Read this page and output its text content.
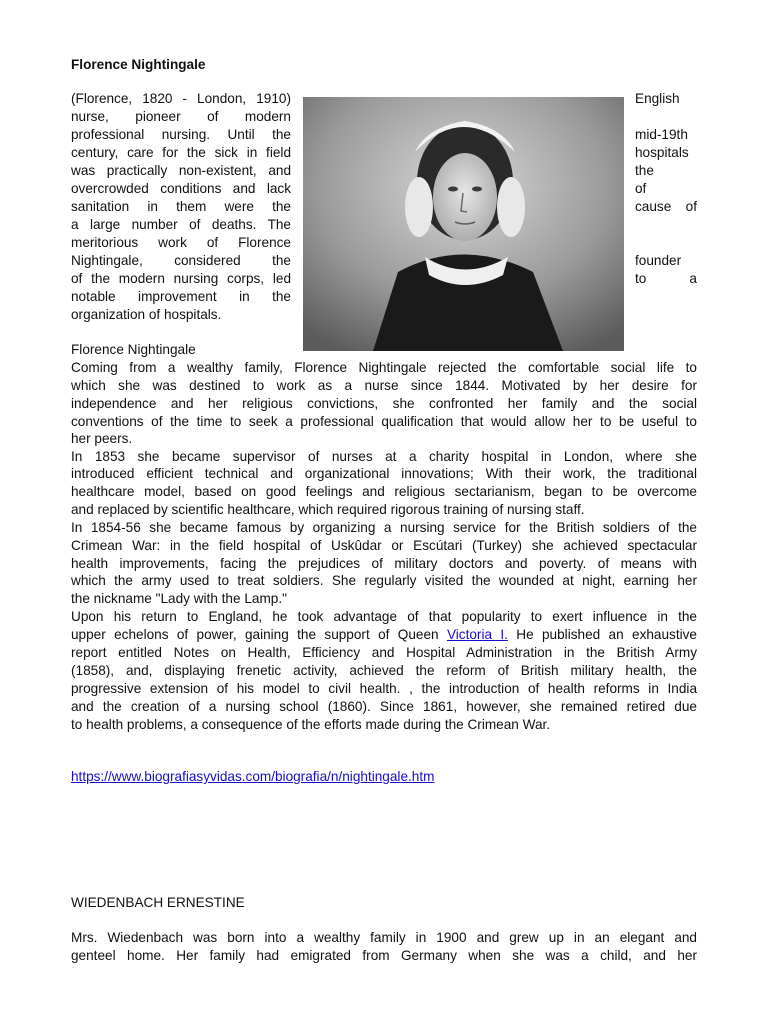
Florence Nightingale
(Florence, 1820 - London, 1910)
nurse, pioneer of modern
professional nursing. Until the
century, care for the sick in field
was practically non-existent, and
overcrowded conditions and lack
sanitation in them were the
a large number of deaths. The
meritorious work of Florence
Nightingale, considered the
of the modern nursing corps, led
notable improvement in the
organization of hospitals.
English
mid-19th
hospitals
the
of
cause of
founder
to a
Florence Nightingale
Coming from a wealthy family, Florence Nightingale rejected the comfortable social life to
which she was destined to work as a nurse since 1844. Motivated by her desire for
independence and her religious convictions, she confronted her family and the social
conventions of the time to seek a professional qualification that would allow her to be useful to
her peers.
In 1853 she became supervisor of nurses at a charity hospital in London, where she
introduced efficient technical and organizational innovations; With their work, the traditional
healthcare model, based on good feelings and religious sectarianism, began to be overcome
and replaced by scientific healthcare, which required rigorous training of nursing staff.
In 1854-56 she became famous by organizing a nursing service for the British soldiers of the
Crimean War: in the field hospital of Uskûdar or Escútari (Turkey) she achieved spectacular
health improvements, facing the prejudices of military doctors and poverty. of means with
which the army used to treat soldiers. She regularly visited the wounded at night, earning her
the nickname "Lady with the Lamp."
Upon his return to England, he took advantage of that popularity to exert influence in the
upper echelons of power, gaining the support of Queen Victoria I. He published an exhaustive
report entitled Notes on Health, Efficiency and Hospital Administration in the British Army
(1858), and, displaying frenetic activity, achieved the reform of British military health, the
progressive extension of his model to civil health. , the introduction of health reforms in India
and the creation of a nursing school (1860). Since 1861, however, she remained retired due
to health problems, a consequence of the efforts made during the Crimean War.
https://www.biografiasyvidas.com/biografia/n/nightingale.htm
WIEDENBACH ERNESTINE
Mrs. Wiedenbach was born into a wealthy family in 1900 and grew up in an elegant and
genteel home. Her family had emigrated from Germany when she was a child, and her
